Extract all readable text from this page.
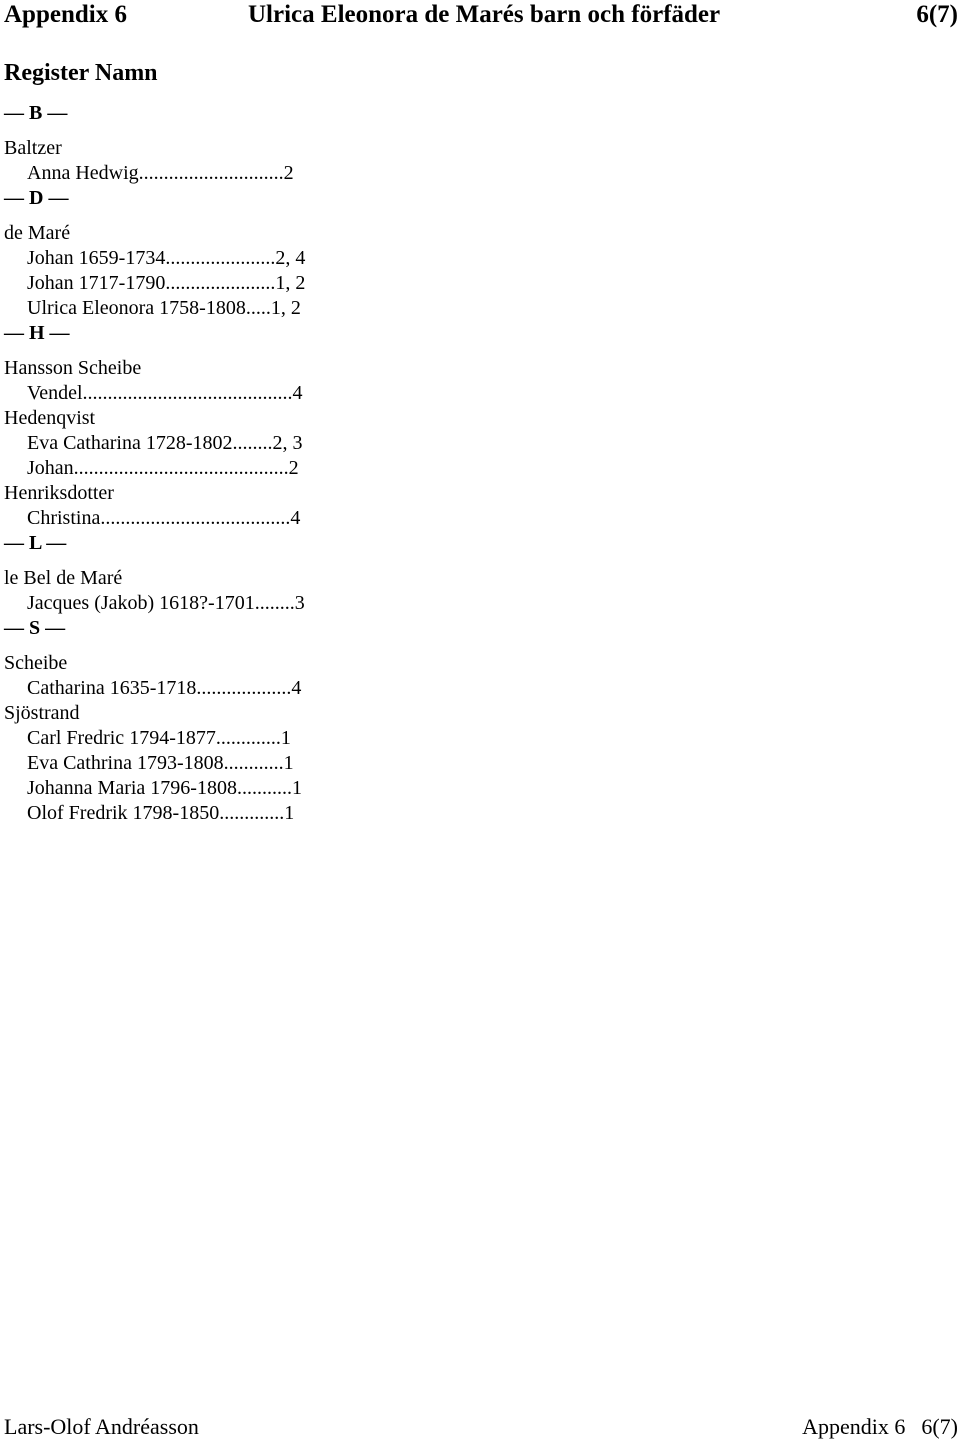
Appendix 6	Ulrica Eleonora de Marés barn och förfäder	6(7)
Register Namn
— B —
Baltzer
Anna Hedwig.............................2
— D —
de Maré
Johan 1659-1734......................2, 4
Johan 1717-1790......................1, 2
Ulrica Eleonora 1758-1808.....1, 2
— H —
Hansson Scheibe
Vendel..........................................4
Hedenqvist
Eva Catharina 1728-1802........2, 3
Johan...........................................2
Henriksdotter
Christina......................................4
— L —
le Bel de Maré
Jacques (Jakob) 1618?-1701........3
— S —
Scheibe
Catharina 1635-1718...................4
Sjöstrand
Carl Fredric 1794-1877.............1
Eva Cathrina 1793-1808............1
Johanna Maria 1796-1808...........1
Olof Fredrik 1798-1850.............1
Lars-Olof Andréasson	Appendix 6 6(7)
